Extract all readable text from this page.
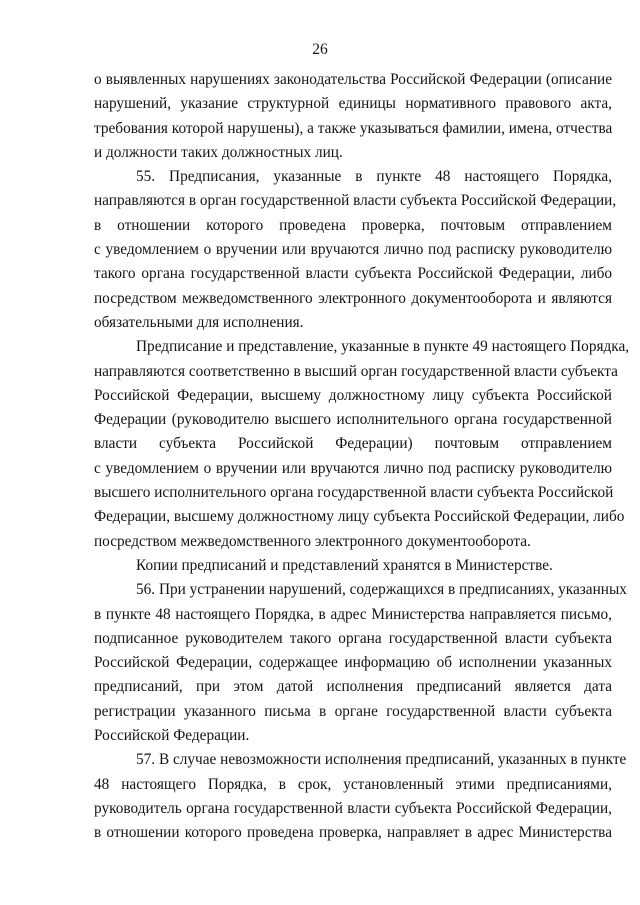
26
о выявленных нарушениях законодательства Российской Федерации (описание
нарушений, указание структурной единицы нормативного правового акта,
требования которой нарушены), а также указываться фамилии, имена, отчества
и должности таких должностных лиц.
55. Предписания, указанные в пункте 48 настоящего Порядка,
направляются в орган государственной власти субъекта Российской Федерации,
в отношении которого проведена проверка, почтовым отправлением
с уведомлением о вручении или вручаются лично под расписку руководителю
такого органа государственной власти субъекта Российской Федерации, либо
посредством межведомственного электронного документооборота и являются
обязательными для исполнения.
Предписание и представление, указанные в пункте 49 настоящего Порядка,
направляются соответственно в высший орган государственной власти субъекта
Российской Федерации, высшему должностному лицу субъекта Российской
Федерации (руководителю высшего исполнительного органа государственной
власти субъекта Российской Федерации) почтовым отправлением
с уведомлением о вручении или вручаются лично под расписку руководителю
высшего исполнительного органа государственной власти субъекта Российской
Федерации, высшему должностному лицу субъекта Российской Федерации, либо
посредством межведомственного электронного документооборота.
Копии предписаний и представлений хранятся в Министерстве.
56. При устранении нарушений, содержащихся в предписаниях, указанных
в пункте 48 настоящего Порядка, в адрес Министерства направляется письмо,
подписанное руководителем такого органа государственной власти субъекта
Российской Федерации, содержащее информацию об исполнении указанных
предписаний, при этом датой исполнения предписаний является дата
регистрации указанного письма в органе государственной власти субъекта
Российской Федерации.
57. В случае невозможности исполнения предписаний, указанных в пункте
48 настоящего Порядка, в срок, установленный этими предписаниями,
руководитель органа государственной власти субъекта Российской Федерации,
в отношении которого проведена проверка, направляет в адрес Министерства
